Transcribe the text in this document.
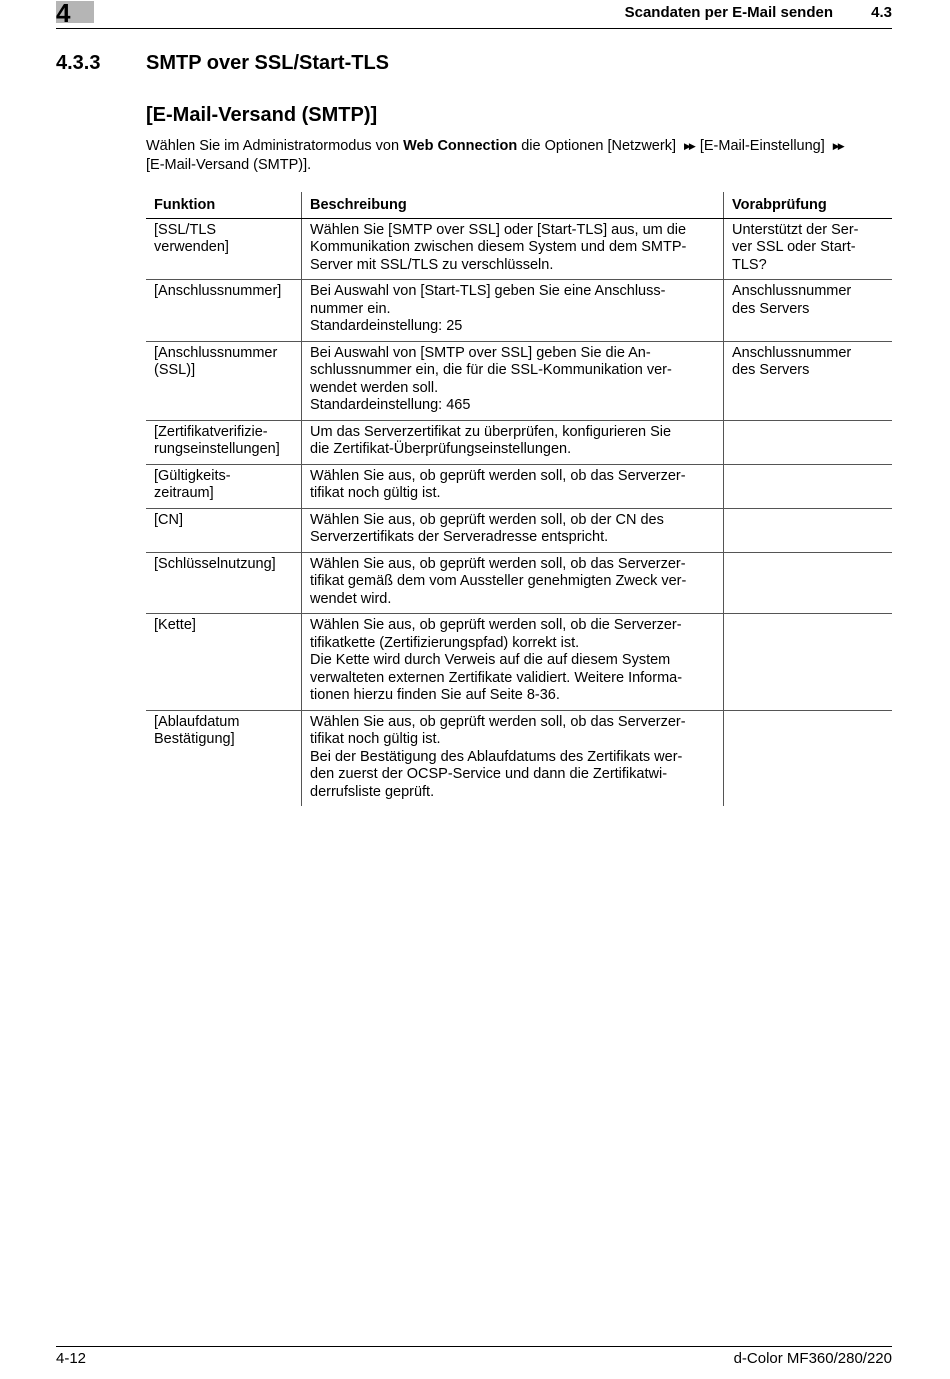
4	Scandaten per E-Mail senden	4.3
4.3.3 SMTP over SSL/Start-TLS
[E-Mail-Versand (SMTP)]
Wählen Sie im Administratormodus von Web Connection die Optionen [Netzwerk] ▶▶ [E-Mail-Einstellung] ▶▶
[E-Mail-Versand (SMTP)].
Funktion	Beschreibung	Vorabprüfung

[SSL/TLS
verwenden]	Wählen Sie [SMTP over SSL] oder [Start-TLS] aus, um die
Kommunikation zwischen diesem System und dem SMTP-
Server mit SSL/TLS zu verschlüsseln.	Unterstützt der Ser-
ver SSL oder Start-
TLS?

[Anschlussnummer]	Bei Auswahl von [Start-TLS] geben Sie eine Anschluss-
nummer ein.
Standardeinstellung: 25	Anschlussnummer
des Servers

[Anschlussnummer
(SSL)]	Bei Auswahl von [SMTP over SSL] geben Sie die An-
schlussnummer ein, die für die SSL-Kommunikation ver-
wendet werden soll.
Standardeinstellung: 465	Anschlussnummer
des Servers

[Zertifikatverifizie-
rungseinstellungen]	Um das Serverzertifikat zu überprüfen, konfigurieren Sie
die Zertifikat-Überprüfungseinstellungen.	

[Gültigkeits-
zeitraum]	Wählen Sie aus, ob geprüft werden soll, ob das Serverzer-
tifikat noch gültig ist.	

[CN]	Wählen Sie aus, ob geprüft werden soll, ob der CN des
Serverzertifikats der Serveradresse entspricht.	

[Schlüsselnutzung]	Wählen Sie aus, ob geprüft werden soll, ob das Serverzer-
tifikat gemäß dem vom Aussteller genehmigten Zweck ver-
wendet wird.	

[Kette]	Wählen Sie aus, ob geprüft werden soll, ob die Serverzer-
tifikatkette (Zertifizierungspfad) korrekt ist.
Die Kette wird durch Verweis auf die auf diesem System
verwalteten externen Zertifikate validiert. Weitere Informa-
tionen hierzu finden Sie auf Seite 8-36.	

[Ablaufdatum
Bestätigung]	Wählen Sie aus, ob geprüft werden soll, ob das Serverzer-
tifikat noch gültig ist.
Bei der Bestätigung des Ablaufdatums des Zertifikats wer-
den zuerst der OCSP-Service und dann die Zertifikatwi-
derrufsliste geprüft.	

4-12	d-Color MF360/280/220
